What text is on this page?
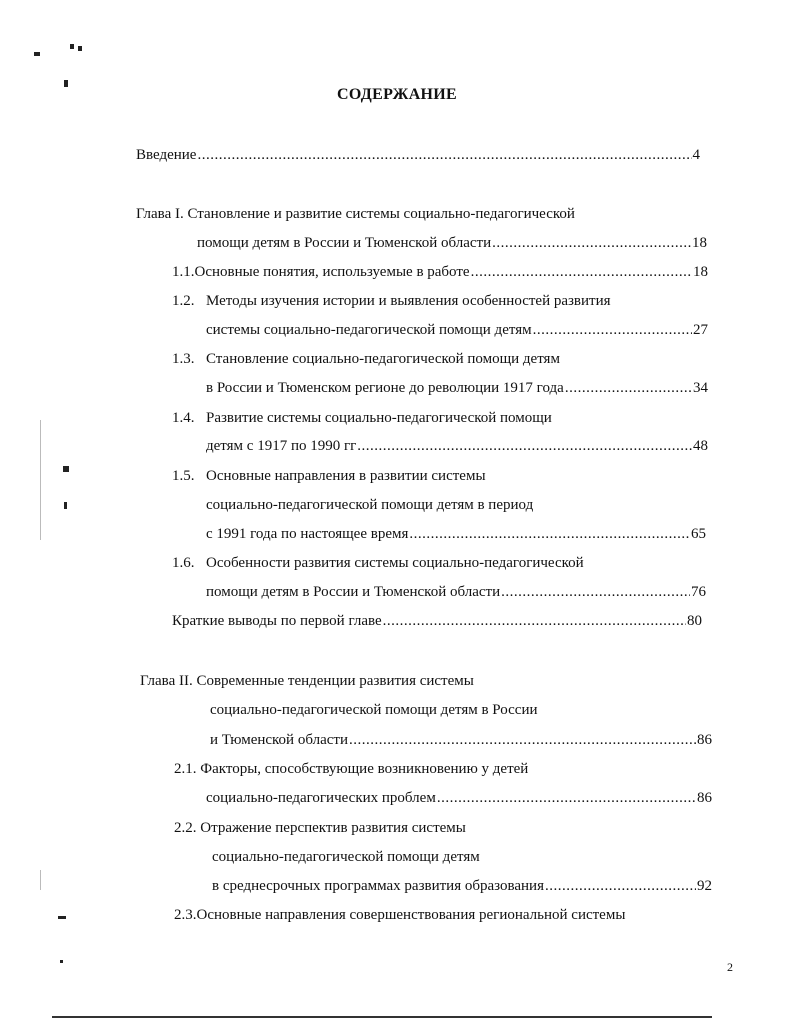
СОДЕРЖАНИЕ
Введение .....	4
Глава I. Становление и развитие системы социально-педагогической
помощи детям в России и Тюменской области .....	18
1.1. Основные понятия, используемые в работе .....	18
1.2. Методы изучения истории и выявления особенностей развития
системы социально-педагогической помощи детям .....	27
1.3. Становление социально-педагогической помощи детям
в России и Тюменском регионе до революции 1917 года .....	34
1.4. Развитие системы социально-педагогической помощи
детям с 1917 по 1990 гг .....	48
1.5. Основные направления в развитии системы
социально-педагогической помощи детям в период
с 1991 года по настоящее время .....	65
1.6. Особенности развития системы социально-педагогической
помощи детям в России и Тюменской области .....	76
Краткие выводы по первой главе .....	80
Глава II. Современные тенденции развития системы
социально-педагогической помощи детям в России
и Тюменской области .....	86
2.1. Факторы, способствующие возникновению у детей
социально-педагогических проблем .....	86
2.2. Отражение перспектив развития системы
социально-педагогической помощи детям
в среднесрочных программах развития образования .....	92
2.3.Основные направления совершенствования региональной системы
2
